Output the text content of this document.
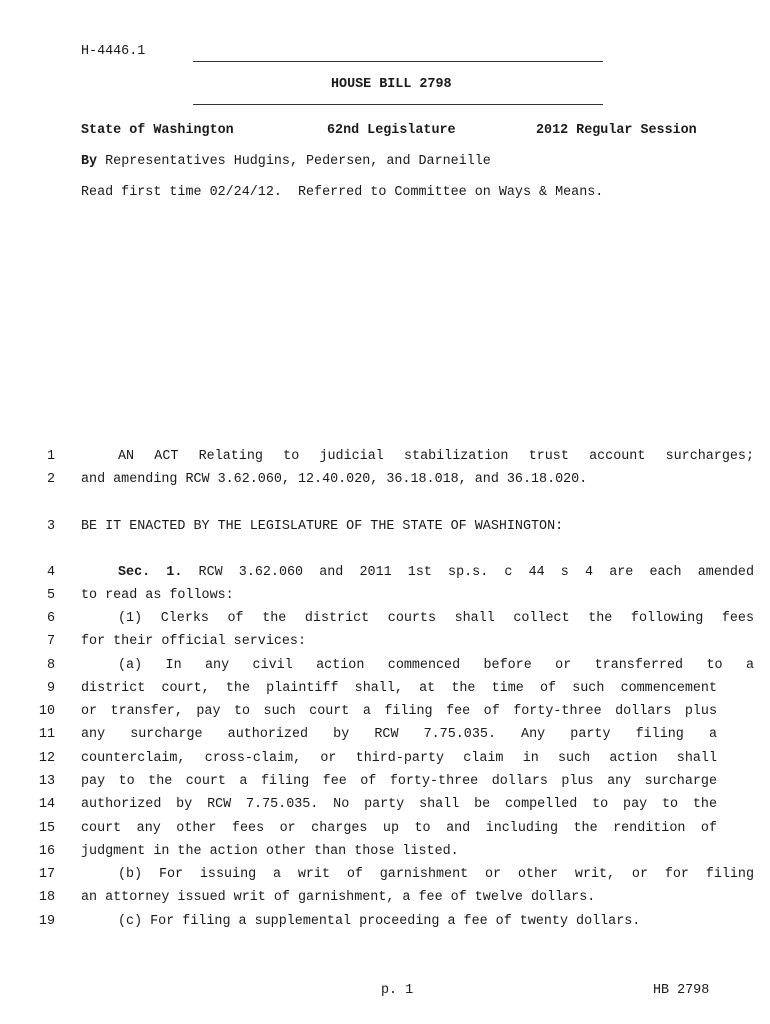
H-4446.1
HOUSE BILL 2798
State of Washington	62nd Legislature	2012 Regular Session
By Representatives Hudgins, Pedersen, and Darneille
Read first time 02/24/12.  Referred to Committee on Ways & Means.
1	AN ACT Relating to judicial stabilization trust account surcharges;
2 and amending RCW 3.62.060, 12.40.020, 36.18.018, and 36.18.020.
3 BE IT ENACTED BY THE LEGISLATURE OF THE STATE OF WASHINGTON:
4	Sec. 1. RCW 3.62.060 and 2011 1st sp.s. c 44 s 4 are each amended
5 to read as follows:
6	(1) Clerks of the district courts shall collect the following fees
7 for their official services:
8	(a) In any civil action commenced before or transferred to a
9 district court, the plaintiff shall, at the time of such commencement
10 or transfer, pay to such court a filing fee of forty-three dollars plus
11 any surcharge authorized by RCW 7.75.035. Any party filing a
12 counterclaim, cross-claim, or third-party claim in such action shall
13 pay to the court a filing fee of forty-three dollars plus any surcharge
14 authorized by RCW 7.75.035. No party shall be compelled to pay to the
15 court any other fees or charges up to and including the rendition of
16 judgment in the action other than those listed.
17	(b) For issuing a writ of garnishment or other writ, or for filing
18 an attorney issued writ of garnishment, a fee of twelve dollars.
19	(c) For filing a supplemental proceeding a fee of twenty dollars.
p. 1	HB 2798
